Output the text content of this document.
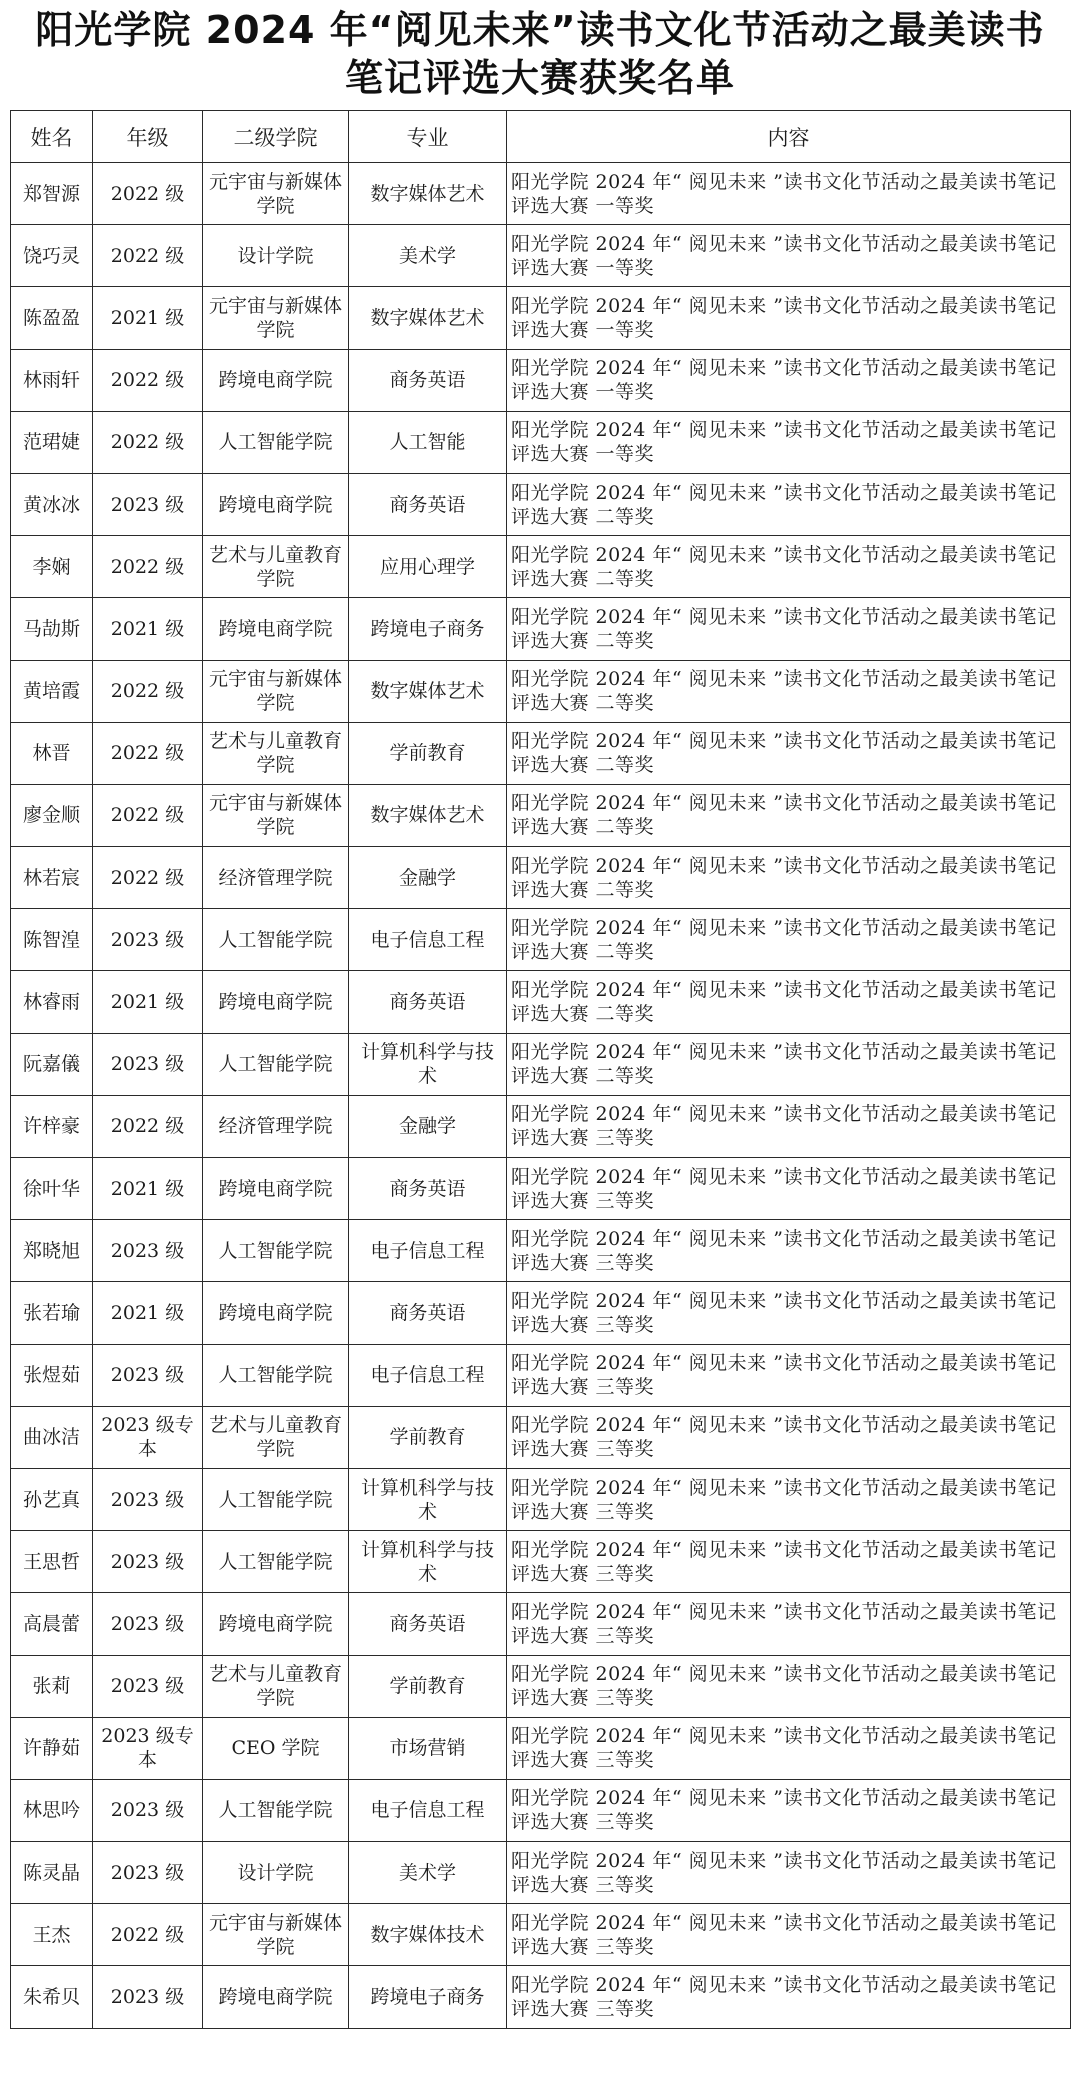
阳光学院 2024 年“阅见未来”读书文化节活动之最美读书
笔记评选大赛获奖名单
姓名	年级	二级学院	专业	内容
郑智源	2022 级	元宇宙与新媒体学院	数字媒体艺术	阳光学院 2024 年“ 阅见未来 ”读书文化节活动之最美读书笔记评选大赛 一等奖
饶巧灵	2022 级	设计学院	美术学	阳光学院 2024 年“ 阅见未来 ”读书文化节活动之最美读书笔记评选大赛 一等奖
陈盈盈	2021 级	元宇宙与新媒体学院	数字媒体艺术	阳光学院 2024 年“ 阅见未来 ”读书文化节活动之最美读书笔记评选大赛 一等奖
林雨轩	2022 级	跨境电商学院	商务英语	阳光学院 2024 年“ 阅见未来 ”读书文化节活动之最美读书笔记评选大赛 一等奖
范珺婕	2022 级	人工智能学院	人工智能	阳光学院 2024 年“ 阅见未来 ”读书文化节活动之最美读书笔记评选大赛 一等奖
黄冰冰	2023 级	跨境电商学院	商务英语	阳光学院 2024 年“ 阅见未来 ”读书文化节活动之最美读书笔记评选大赛 二等奖
李娴	2022 级	艺术与儿童教育学院	应用心理学	阳光学院 2024 年“ 阅见未来 ”读书文化节活动之最美读书笔记评选大赛 二等奖
马劼斯	2021 级	跨境电商学院	跨境电子商务	阳光学院 2024 年“ 阅见未来 ”读书文化节活动之最美读书笔记评选大赛 二等奖
黄培霞	2022 级	元宇宙与新媒体学院	数字媒体艺术	阳光学院 2024 年“ 阅见未来 ”读书文化节活动之最美读书笔记评选大赛 二等奖
林晋	2022 级	艺术与儿童教育学院	学前教育	阳光学院 2024 年“ 阅见未来 ”读书文化节活动之最美读书笔记评选大赛 二等奖
廖金顺	2022 级	元宇宙与新媒体学院	数字媒体艺术	阳光学院 2024 年“ 阅见未来 ”读书文化节活动之最美读书笔记评选大赛 二等奖
林若宸	2022 级	经济管理学院	金融学	阳光学院 2024 年“ 阅见未来 ”读书文化节活动之最美读书笔记评选大赛 二等奖
陈智湟	2023 级	人工智能学院	电子信息工程	阳光学院 2024 年“ 阅见未来 ”读书文化节活动之最美读书笔记评选大赛 二等奖
林睿雨	2021 级	跨境电商学院	商务英语	阳光学院 2024 年“ 阅见未来 ”读书文化节活动之最美读书笔记评选大赛 二等奖
阮嘉儀	2023 级	人工智能学院	计算机科学与技术	阳光学院 2024 年“ 阅见未来 ”读书文化节活动之最美读书笔记评选大赛 二等奖
许梓豪	2022 级	经济管理学院	金融学	阳光学院 2024 年“ 阅见未来 ”读书文化节活动之最美读书笔记评选大赛 三等奖
徐叶华	2021 级	跨境电商学院	商务英语	阳光学院 2024 年“ 阅见未来 ”读书文化节活动之最美读书笔记评选大赛 三等奖
郑晓旭	2023 级	人工智能学院	电子信息工程	阳光学院 2024 年“ 阅见未来 ”读书文化节活动之最美读书笔记评选大赛 三等奖
张若瑜	2021 级	跨境电商学院	商务英语	阳光学院 2024 年“ 阅见未来 ”读书文化节活动之最美读书笔记评选大赛 三等奖
张煜茹	2023 级	人工智能学院	电子信息工程	阳光学院 2024 年“ 阅见未来 ”读书文化节活动之最美读书笔记评选大赛 三等奖
曲冰洁	2023 级专本	艺术与儿童教育学院	学前教育	阳光学院 2024 年“ 阅见未来 ”读书文化节活动之最美读书笔记评选大赛 三等奖
孙艺真	2023 级	人工智能学院	计算机科学与技术	阳光学院 2024 年“ 阅见未来 ”读书文化节活动之最美读书笔记评选大赛 三等奖
王思哲	2023 级	人工智能学院	计算机科学与技术	阳光学院 2024 年“ 阅见未来 ”读书文化节活动之最美读书笔记评选大赛 三等奖
高晨蕾	2023 级	跨境电商学院	商务英语	阳光学院 2024 年“ 阅见未来 ”读书文化节活动之最美读书笔记评选大赛 三等奖
张莉	2023 级	艺术与儿童教育学院	学前教育	阳光学院 2024 年“ 阅见未来 ”读书文化节活动之最美读书笔记评选大赛 三等奖
许静茹	2023 级专本	CEO 学院	市场营销	阳光学院 2024 年“ 阅见未来 ”读书文化节活动之最美读书笔记评选大赛 三等奖
林思吟	2023 级	人工智能学院	电子信息工程	阳光学院 2024 年“ 阅见未来 ”读书文化节活动之最美读书笔记评选大赛 三等奖
陈灵晶	2023 级	设计学院	美术学	阳光学院 2024 年“ 阅见未来 ”读书文化节活动之最美读书笔记评选大赛 三等奖
王杰	2022 级	元宇宙与新媒体学院	数字媒体技术	阳光学院 2024 年“ 阅见未来 ”读书文化节活动之最美读书笔记评选大赛 三等奖
朱希贝	2023 级	跨境电商学院	跨境电子商务	阳光学院 2024 年“ 阅见未来 ”读书文化节活动之最美读书笔记评选大赛 三等奖
